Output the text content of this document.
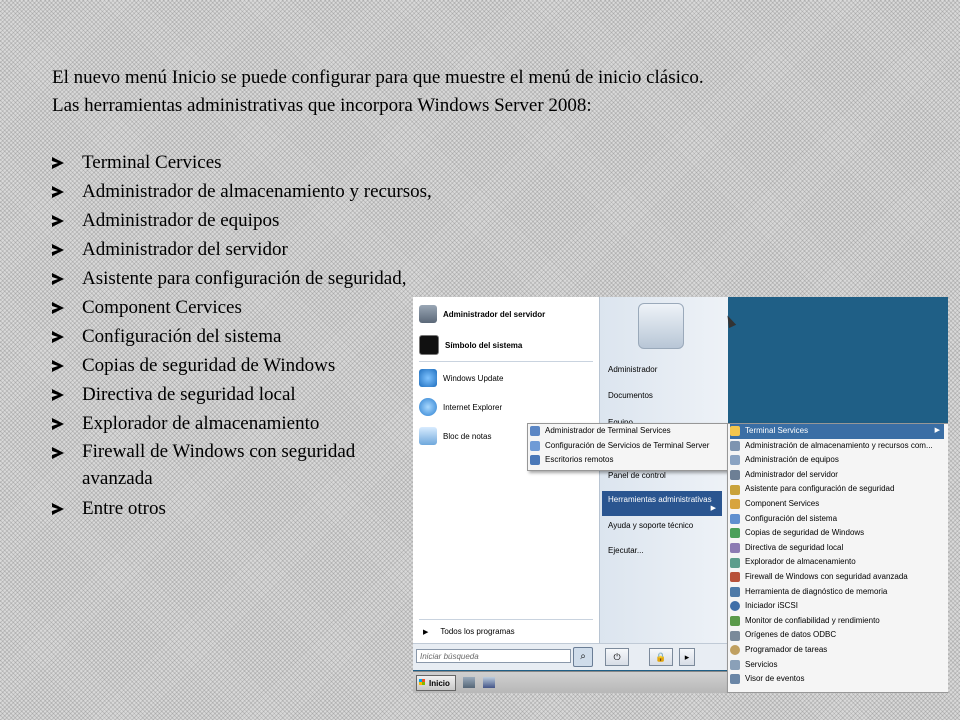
El nuevo menú Inicio se puede configurar para que muestre el menú de inicio clásico.
Las herramientas administrativas que incorpora Windows Server 2008:
Terminal Cervices
Administrador de almacenamiento y recursos,
Administrador de equipos
Administrador del servidor
Asistente para configuración de seguridad,
Component Cervices
Configuración del sistema
Copias de seguridad de Windows
Directiva de seguridad local
Explorador de almacenamiento
Firewall de Windows con seguridad avanzada
Entre otros
Administrador del servidor
Símbolo del sistema
Windows Update
Internet Explorer
Bloc de notas
▶ Todos los programas
Administrador
Documentos
Panel de control
Herramientas administrativas
▶
Ayuda y soporte técnico
Ejecutar...
Iniciar búsqueda	⌕	⏻	🔒	▸
Inicio
Administrador de Terminal Services
Configuración de Servicios de Terminal Server
Escritorios remotos
Terminal Services	▶
Administración de almacenamiento y recursos com...
Administración de equipos
Administrador del servidor
Asistente para configuración de seguridad
Component Services
Configuración del sistema
Copias de seguridad de Windows
Directiva de seguridad local
Explorador de almacenamiento
Firewall de Windows con seguridad avanzada
Herramienta de diagnóstico de memoria
Iniciador iSCSI
Monitor de confiabilidad y rendimiento
Orígenes de datos ODBC
Programador de tareas
Servicios
Visor de eventos
